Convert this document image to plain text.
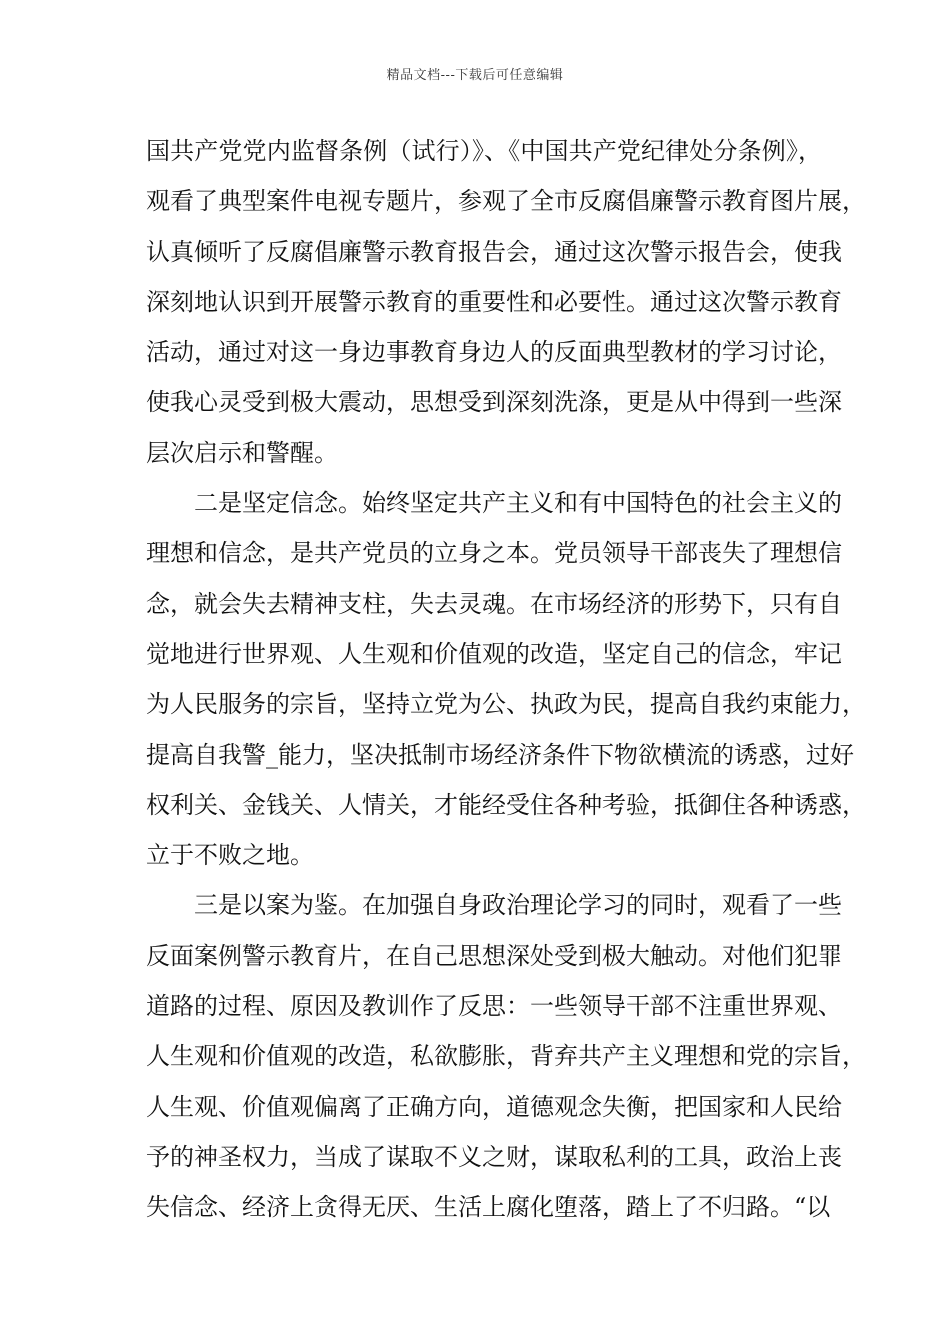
精品文档---下载后可任意编辑
国共产党党内监督条例（试行）》、《中国共产党纪律处分条例》，
观看了典型案件电视专题片，参观了全市反腐倡廉警示教育图片展，
认真倾听了反腐倡廉警示教育报告会，通过这次警示报告会，使我
深刻地认识到开展警示教育的重要性和必要性。通过这次警示教育
活动，通过对这一身边事教育身边人的反面典型教材的学习讨论，
使我心灵受到极大震动，思想受到深刻洗涤，更是从中得到一些深
层次启示和警醒。
二是坚定信念。始终坚定共产主义和有中国特色的社会主义的
理想和信念，是共产党员的立身之本。党员领导干部丧失了理想信
念，就会失去精神支柱，失去灵魂。在市场经济的形势下，只有自
觉地进行世界观、人生观和价值观的改造，坚定自己的信念，牢记
为人民服务的宗旨，坚持立党为公、执政为民，提高自我约束能力，
提高自我警_能力，坚决抵制市场经济条件下物欲横流的诱惑，过好
权利关、金钱关、人情关，才能经受住各种考验，抵御住各种诱惑，
立于不败之地。
三是以案为鉴。在加强自身政治理论学习的同时，观看了一些
反面案例警示教育片，在自己思想深处受到极大触动。对他们犯罪
道路的过程、原因及教训作了反思：一些领导干部不注重世界观、
人生观和价值观的改造，私欲膨胀，背弃共产主义理想和党的宗旨，
人生观、价值观偏离了正确方向，道德观念失衡，把国家和人民给
予的神圣权力，当成了谋取不义之财，谋取私利的工具，政治上丧
失信念、经济上贪得无厌、生活上腐化堕落，踏上了不归路。“以
